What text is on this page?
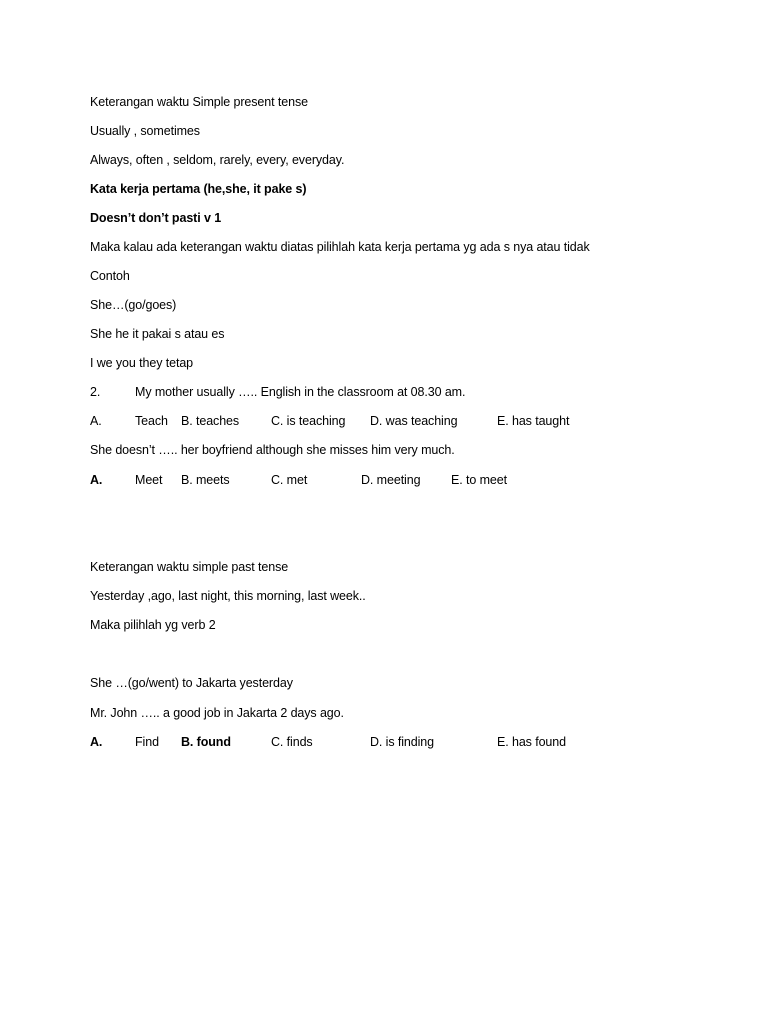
Keterangan waktu Simple present tense
Usually , sometimes
Always, often , seldom, rarely, every, everyday.
Kata kerja pertama (he,she, it pake s)
Doesn’t don’t pasti v 1
Maka kalau ada keterangan waktu diatas pilihlah kata kerja pertama yg ada s nya atau tidak
Contoh
She…(go/goes)
She he it pakai s atau es
I we you they tetap
2.	My mother usually ….. English in the classroom at 08.30 am.
A.	Teach B. teaches	C. is teaching D. was teaching	E. has taught
She doesn’t ….. her boyfriend although she misses him very much.
A.	Meet B. meets	C. met	D. meeting E. to meet
Keterangan waktu simple past tense
Yesterday ,ago, last night, this morning, last week..
Maka pilihlah yg verb 2
She …(go/went) to Jakarta yesterday
Mr. John ….. a good job in Jakarta 2 days ago.
A.	Find B. found	C. finds	D. is finding	E. has found
